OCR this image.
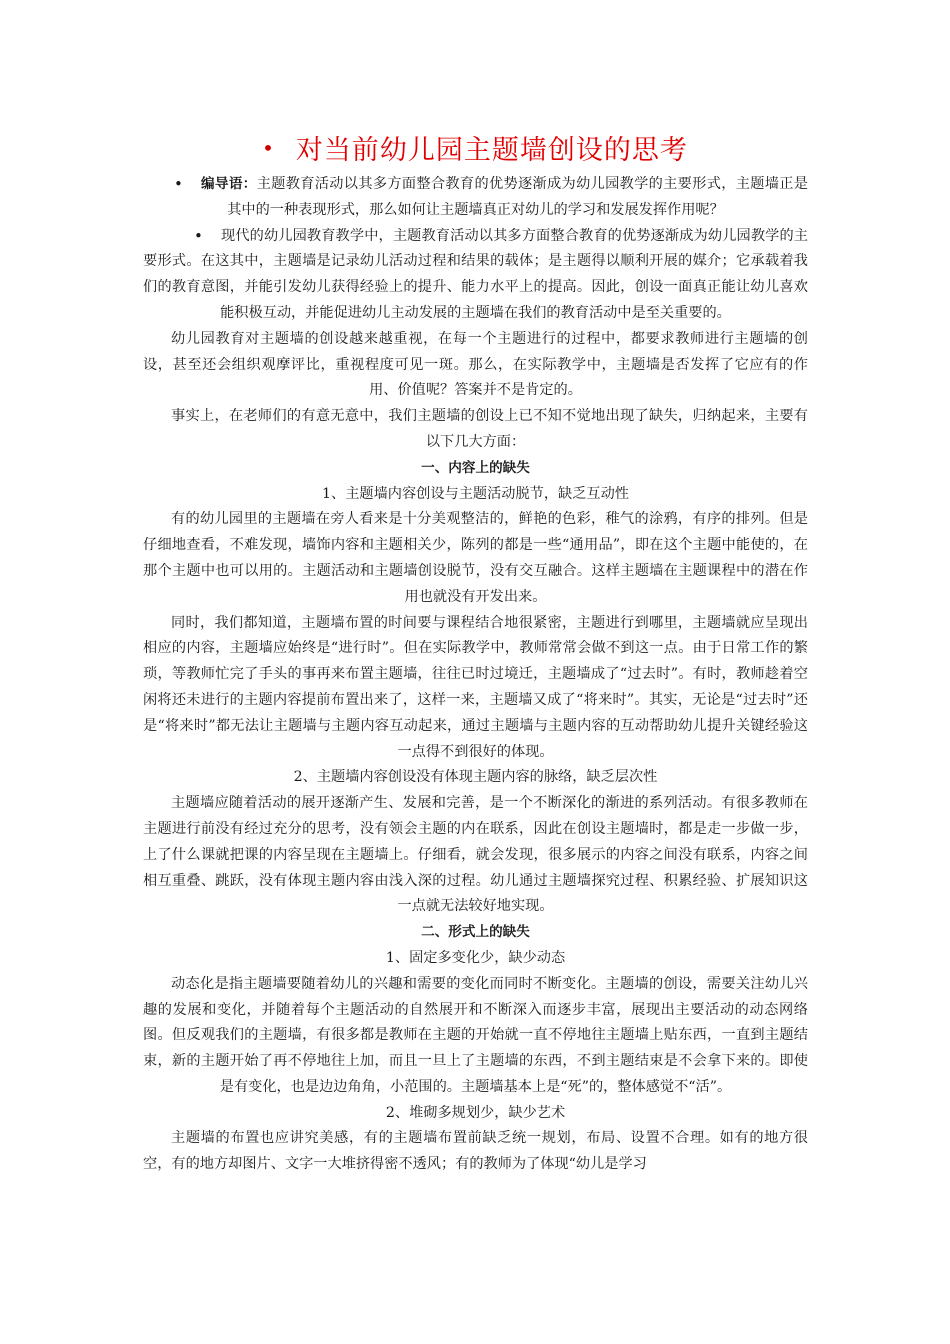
• 对当前幼儿园主题墙创设的思考

• 编导语：主题教育活动以其多方面整合教育的优势逐渐成为幼儿园教学的主要形式，主题墙正是其中的一种表现形式，那么如何让主题墙真正对幼儿的学习和发展发挥作用呢？

• 现代的幼儿园教育教学中，主题教育活动以其多方面整合教育的优势逐渐成为幼儿园教学的主要形式。在这其中，主题墙是记录幼儿活动过程和结果的载体；是主题得以顺利开展的媒介；它承载着我们的教育意图，并能引发幼儿获得经验上的提升、能力水平上的提高。因此，创设一面真正能让幼儿喜欢能积极互动，并能促进幼儿主动发展的主题墙在我们的教育活动中是至关重要的。

幼儿园教育对主题墙的创设越来越重视，在每一个主题进行的过程中，都要求教师进行主题墙的创设，甚至还会组织观摩评比，重视程度可见一斑。那么，在实际教学中，主题墙是否发挥了它应有的作用、价值呢？答案并不是肯定的。

事实上，在老师们的有意无意中，我们主题墙的创设上已不知不觉地出现了缺失，归纳起来，主要有以下几大方面：

一、内容上的缺失

1、主题墙内容创设与主题活动脱节，缺乏互动性

有的幼儿园里的主题墙在旁人看来是十分美观整洁的，鲜艳的色彩，稚气的涂鸦，有序的排列。但是仔细地查看，不难发现，墙饰内容和主题相关少，陈列的都是一些“通用品”，即在这个主题中能使的，在那个主题中也可以用的。主题活动和主题墙创设脱节，没有交互融合。这样主题墙在主题课程中的潜在作用也就没有开发出来。

同时，我们都知道，主题墙布置的时间要与课程结合地很紧密，主题进行到哪里，主题墙就应呈现出相应的内容，主题墙应始终是“进行时”。但在实际教学中，教师常常会做不到这一点。由于日常工作的繁琐，等教师忙完了手头的事再来布置主题墙，往往已时过境迁，主题墙成了“过去时”。有时，教师趁着空闲将还未进行的主题内容提前布置出来了，这样一来，主题墙又成了“将来时”。其实，无论是“过去时”还是“将来时”都无法让主题墙与主题内容互动起来，通过主题墙与主题内容的互动帮助幼儿提升关键经验这一点得不到很好的体现。

2、主题墙内容创设没有体现主题内容的脉络，缺乏层次性

主题墙应随着活动的展开逐渐产生、发展和完善，是一个不断深化的渐进的系列活动。有很多教师在主题进行前没有经过充分的思考，没有领会主题的内在联系，因此在创设主题墙时，都是走一步做一步，上了什么课就把课的内容呈现在主题墙上。仔细看，就会发现，很多展示的内容之间没有联系，内容之间相互重叠、跳跃，没有体现主题内容由浅入深的过程。幼儿通过主题墙探究过程、积累经验、扩展知识这一点就无法较好地实现。

二、形式上的缺失

1、固定多变化少，缺少动态

动态化是指主题墙要随着幼儿的兴趣和需要的变化而同时不断变化。主题墙的创设，需要关注幼儿兴趣的发展和变化，并随着每个主题活动的自然展开和不断深入而逐步丰富，展现出主要活动的动态网络图。但反观我们的主题墙，有很多都是教师在主题的开始就一直不停地往主题墙上贴东西，一直到主题结束，新的主题开始了再不停地往上加，而且一旦上了主题墙的东西，不到主题结束是不会拿下来的。即使是有变化，也是边边角角，小范围的。主题墙基本上是“死”的，整体感觉不“活”。

2、堆砌多规划少，缺少艺术

主题墙的布置也应讲究美感，有的主题墙布置前缺乏统一规划，布局、设置不合理。如有的地方很空，有的地方却图片、文字一大堆挤得密不透风；有的教师为了体现“幼儿是学习
